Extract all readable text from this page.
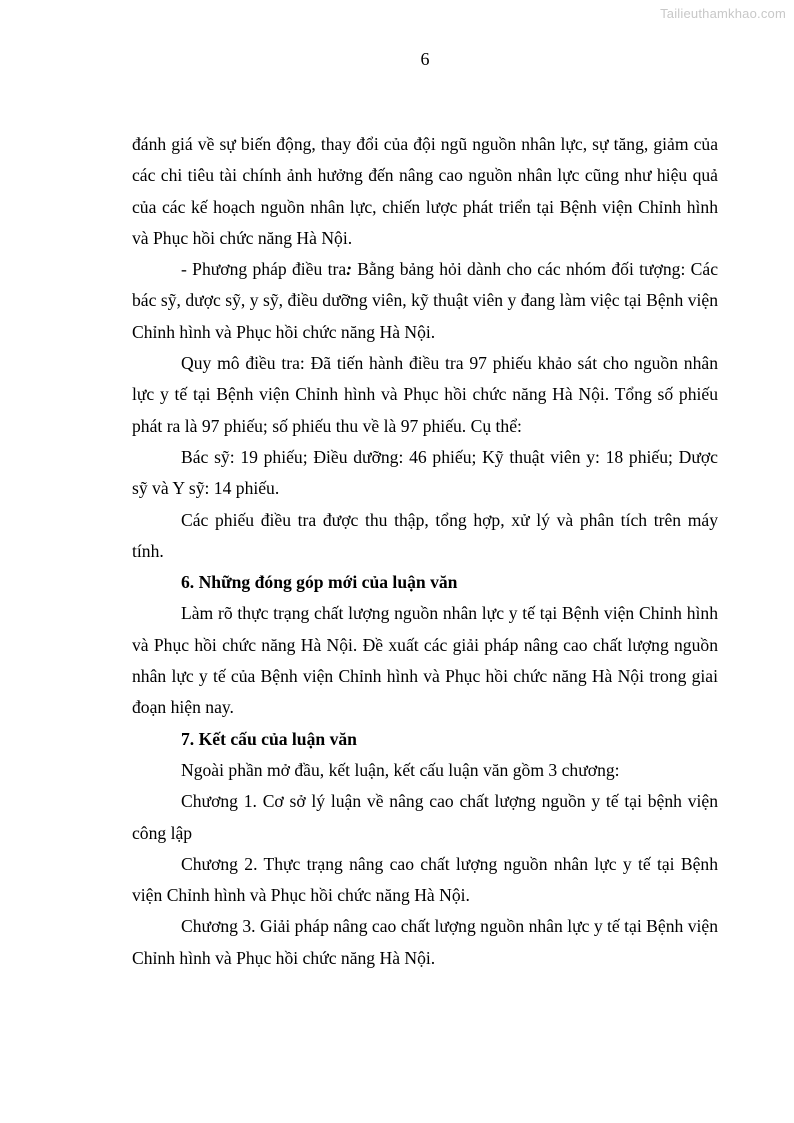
Tailieuthamkhao.com
6

đánh giá về sự biến động, thay đổi của đội ngũ nguồn nhân lực, sự tăng, giảm của các chi tiêu tài chính ảnh hưởng đến nâng cao nguồn nhân lực cũng như hiệu quả của các kế hoạch nguồn nhân lực, chiến lược phát triển tại Bệnh viện Chỉnh hình và Phục hồi chức năng Hà Nội.

- Phương pháp điều tra: Bằng bảng hỏi dành cho các nhóm đối tượng: Các bác sỹ, dược sỹ, y sỹ, điều dưỡng viên, kỹ thuật viên y đang làm việc tại Bệnh viện Chỉnh hình và Phục hồi chức năng Hà Nội.

Quy mô điều tra: Đã tiến hành điều tra 97 phiếu khảo sát cho nguồn nhân lực y tế tại Bệnh viện Chỉnh hình và Phục hồi chức năng Hà Nội. Tổng số phiếu phát ra là 97 phiếu; số phiếu thu về là 97 phiếu. Cụ thể:

Bác sỹ: 19 phiếu; Điều dưỡng: 46 phiếu; Kỹ thuật viên y: 18 phiếu; Dược sỹ và Y sỹ: 14 phiếu.

Các phiếu điều tra được thu thập, tổng hợp, xử lý và phân tích trên máy tính.

6. Những đóng góp mới của luận văn

Làm rõ thực trạng chất lượng nguồn nhân lực y tế tại Bệnh viện Chỉnh hình và Phục hồi chức năng Hà Nội. Đề xuất các giải pháp nâng cao chất lượng nguồn nhân lực y tế của Bệnh viện Chỉnh hình và Phục hồi chức năng Hà Nội trong giai đoạn hiện nay.

7. Kết cấu của luận văn

Ngoài phần mở đầu, kết luận, kết cấu luận văn gồm 3 chương:

Chương 1. Cơ sở lý luận về nâng cao chất lượng nguồn y tế tại bệnh viện công lập

Chương 2. Thực trạng nâng cao chất lượng nguồn nhân lực y tế tại Bệnh viện Chỉnh hình và Phục hồi chức năng Hà Nội.

Chương 3. Giải pháp nâng cao chất lượng nguồn nhân lực y tế tại Bệnh viện Chỉnh hình và Phục hồi chức năng Hà Nội.
